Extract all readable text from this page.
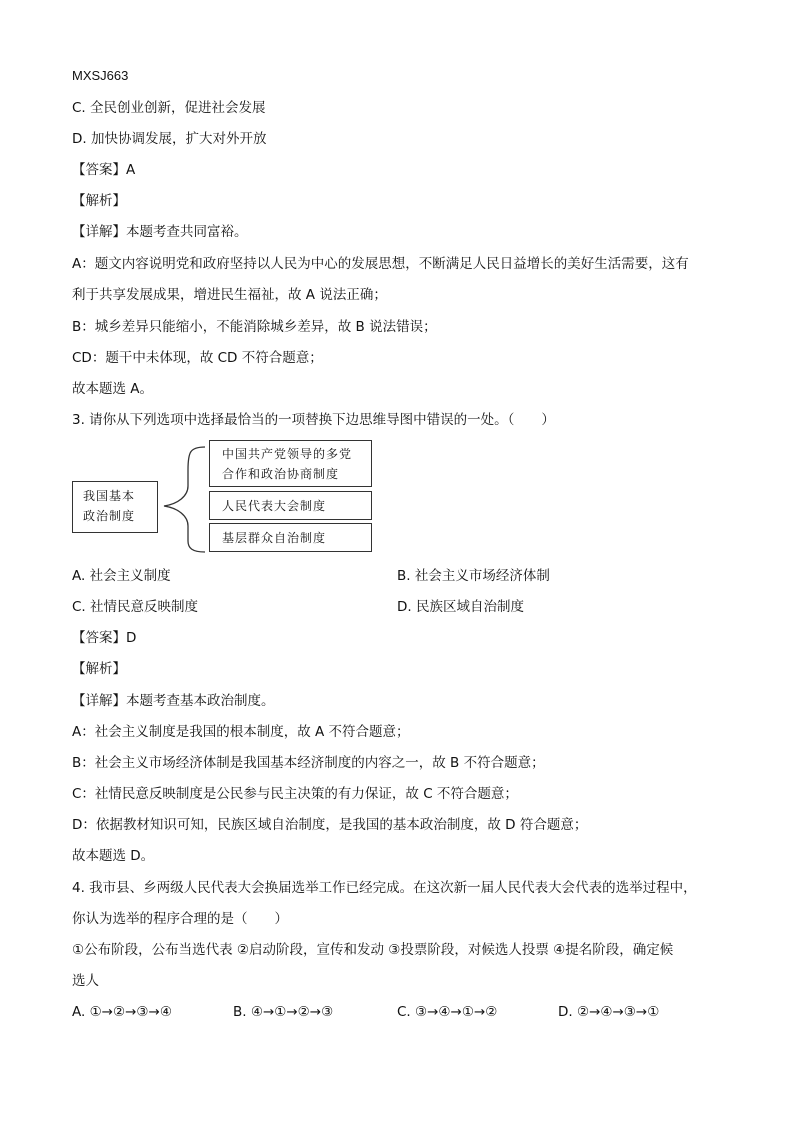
MXSJ663
C. 全民创业创新，促进社会发展
D. 加快协调发展，扩大对外开放
【答案】A
【解析】
【详解】本题考查共同富裕。
A：题文内容说明党和政府坚持以人民为中心的发展思想，不断满足人民日益增长的美好生活需要，这有
利于共享发展成果，增进民生福祉，故 A 说法正确；
B：城乡差异只能缩小，不能消除城乡差异，故 B 说法错误；
CD：题干中未体现，故 CD 不符合题意；
故本题选 A。
3. 请你从下列选项中选择最恰当的一项替换下边思维导图中错误的一处。（　　）
我国基本
政治制度
中国共产党领导的多党
合作和政治协商制度
人民代表大会制度
基层群众自治制度
A. 社会主义制度	B. 社会主义市场经济体制
C. 社情民意反映制度	D. 民族区域自治制度
【答案】D
【解析】
【详解】本题考查基本政治制度。
A：社会主义制度是我国的根本制度，故 A 不符合题意；
B：社会主义市场经济体制是我国基本经济制度的内容之一，故 B 不符合题意；
C：社情民意反映制度是公民参与民主决策的有力保证，故 C 不符合题意；
D：依据教材知识可知，民族区域自治制度，是我国的基本政治制度，故 D 符合题意；
故本题选 D。
4. 我市县、乡两级人民代表大会换届选举工作已经完成。在这次新一届人民代表大会代表的选举过程中，
你认为选举的程序合理的是（　　）
①公布阶段，公布当选代表 ②启动阶段，宣传和发动 ③投票阶段，对候选人投票 ④提名阶段，确定候
选人
A. ①→②→③→④	B. ④→①→②→③	C. ③→④→①→②	D. ②→④→③→①
